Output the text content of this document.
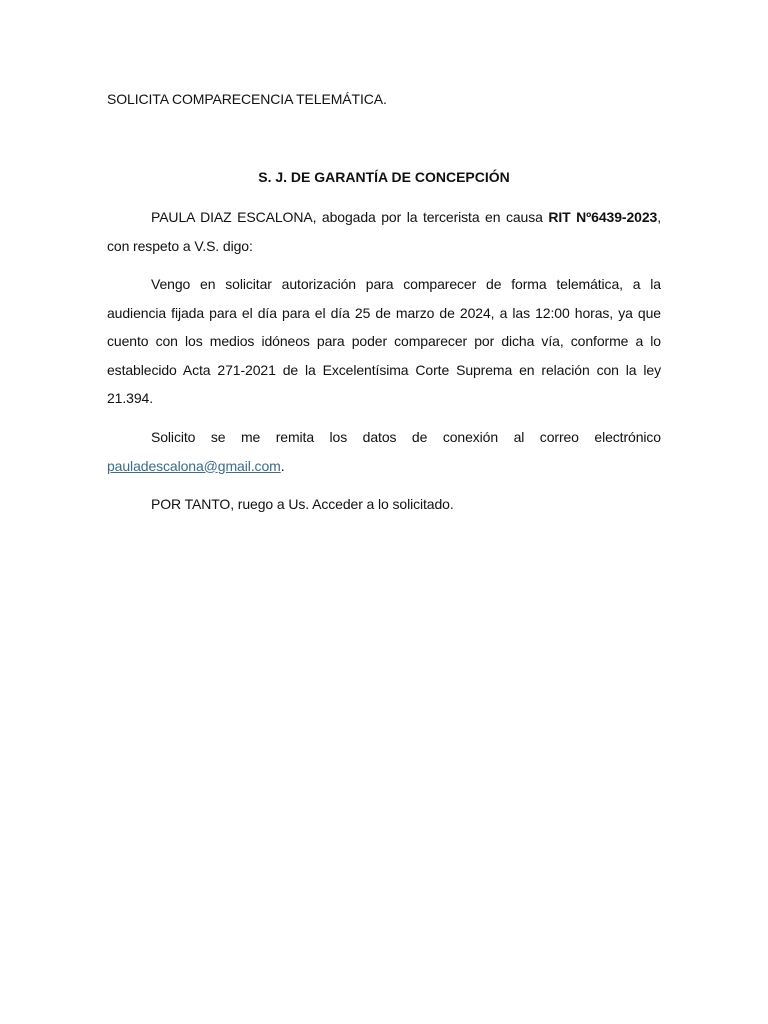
SOLICITA COMPARECENCIA TELEMÁTICA.

S. J. DE GARANTÍA DE CONCEPCIÓN

PAULA DIAZ ESCALONA, abogada por la tercerista en causa RIT Nº6439-2023, con respeto a V.S. digo:

Vengo en solicitar autorización para comparecer de forma telemática, a la audiencia fijada para el día para el día 25 de marzo de 2024, a las 12:00 horas, ya que cuento con los medios idóneos para poder comparecer por dicha vía, conforme a lo establecido Acta 271-2021 de la Excelentísima Corte Suprema en relación con la ley 21.394.

Solicito se me remita los datos de conexión al correo electrónico pauladescalona@gmail.com.

POR TANTO, ruego a Us. Acceder a lo solicitado.
